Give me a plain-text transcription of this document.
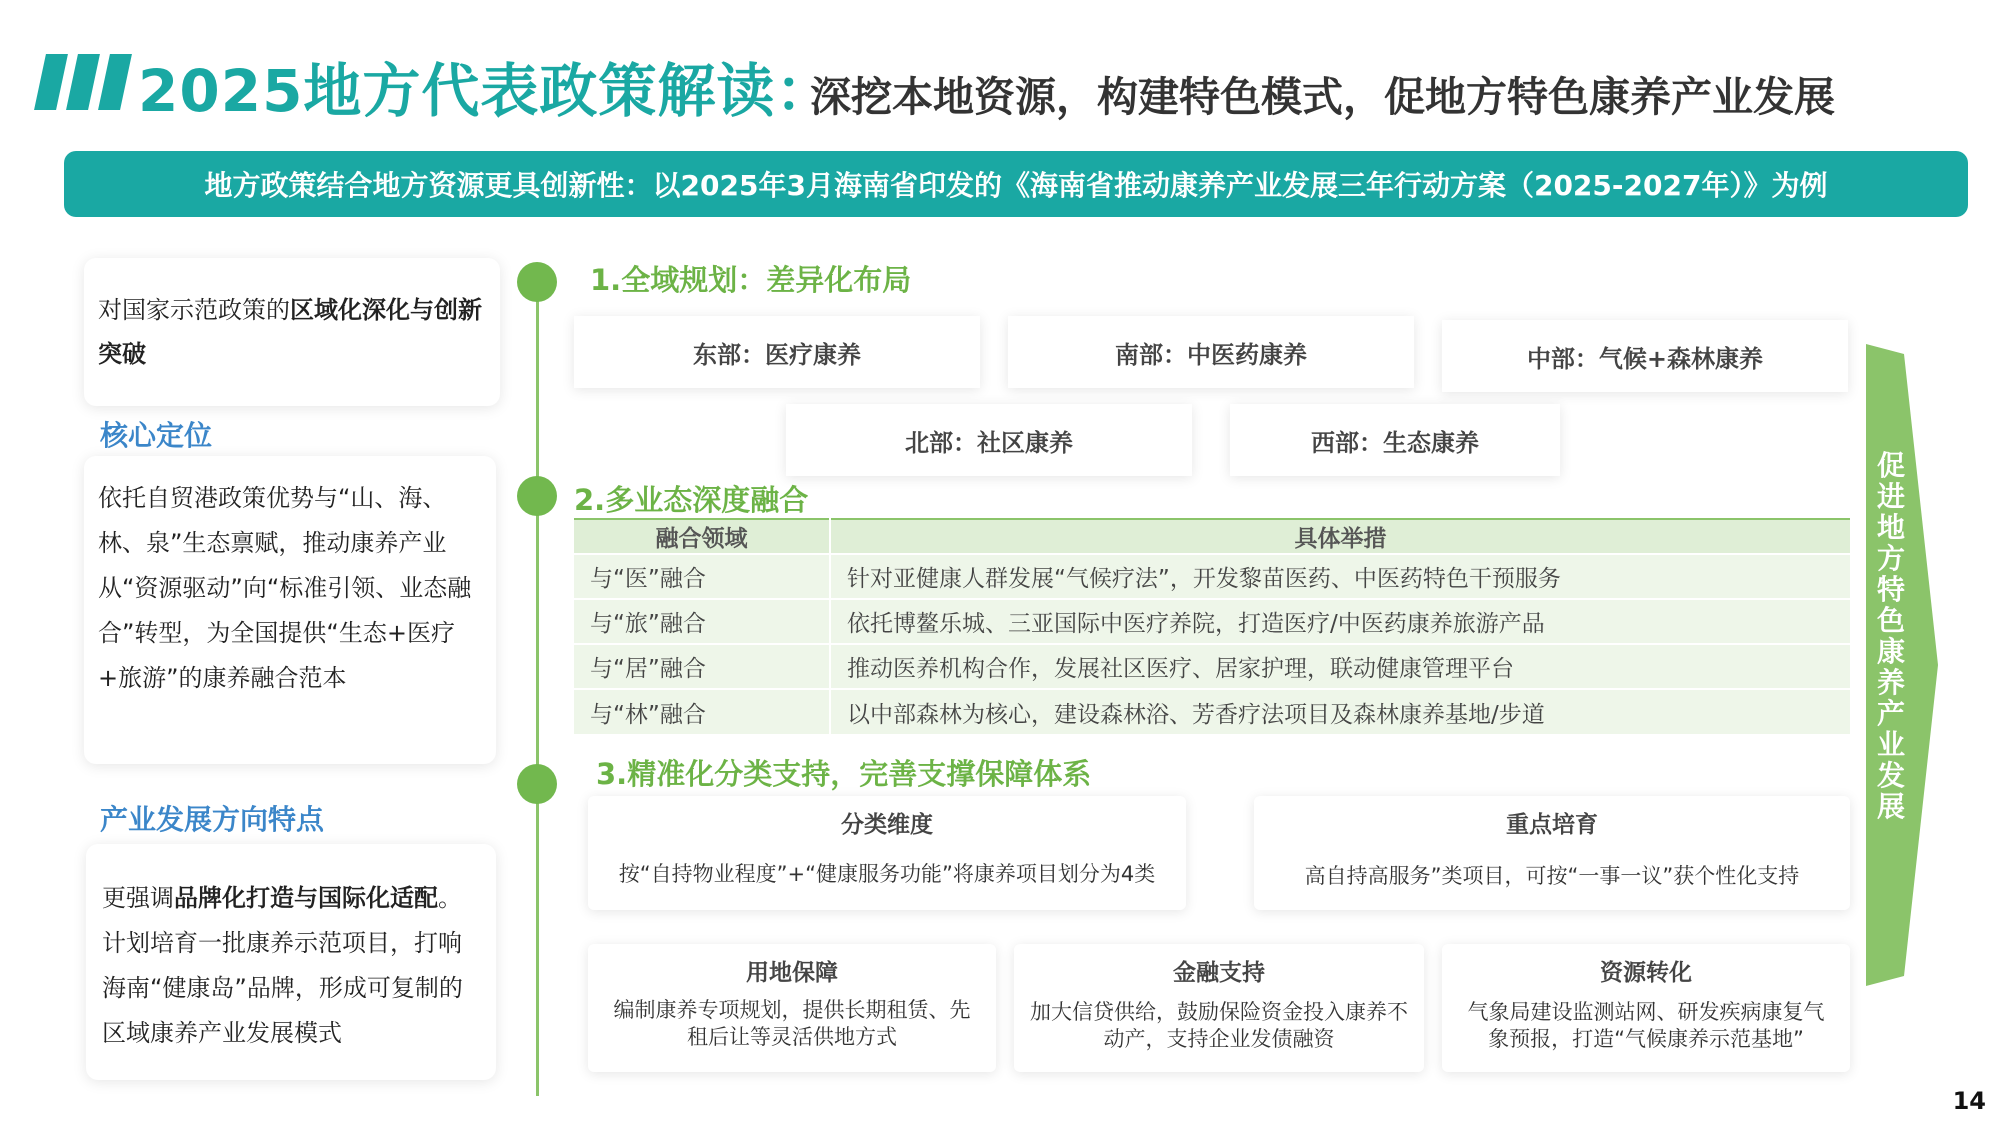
2025地方代表政策解读：
深挖本地资源，构建特色模式，促地方特色康养产业发展
地方政策结合地方资源更具创新性：以2025年3月海南省印发的《海南省推动康养产业发展三年行动方案（2025-2027年）》为例
对国家示范政策的区域化深化与创新突破
核心定位
依托自贸港政策优势与“山、海、林、泉”生态禀赋，推动康养产业从“资源驱动”向“标准引领、业态融合”转型，为全国提供“生态+医疗+旅游”的康养融合范本
产业发展方向特点
更强调品牌化打造与国际化适配。计划培育一批康养示范项目，打响海南“健康岛”品牌，形成可复制的区域康养产业发展模式
1.全域规划：差异化布局
东部：医疗康养	南部：中医药康养	中部：气候+森林康养
北部：社区康养	西部：生态康养
2.多业态深度融合
融合领域	具体举措
与“医”融合	针对亚健康人群发展“气候疗法”，开发黎苗医药、中医药特色干预服务
与“旅”融合	依托博鳌乐城、三亚国际中医疗养院，打造医疗/中医药康养旅游产品
与“居”融合	推动医养机构合作，发展社区医疗、居家护理，联动健康管理平台
与“林”融合	以中部森林为核心，建设森林浴、芳香疗法项目及森林康养基地/步道
3.精准化分类支持，完善支撑保障体系
分类维度
按“自持物业程度”+“健康服务功能”将康养项目划分为4类
重点培育
高自持高服务”类项目，可按“一事一议”获个性化支持
用地保障
编制康养专项规划，提供长期租赁、先
租后让等灵活供地方式
金融支持
加大信贷供给，鼓励保险资金投入康养不
动产，支持企业发债融资
资源转化
气象局建设监测站网、研发疾病康复气
象预报，打造“气候康养示范基地”
促进地方特色康养产业发展
14
